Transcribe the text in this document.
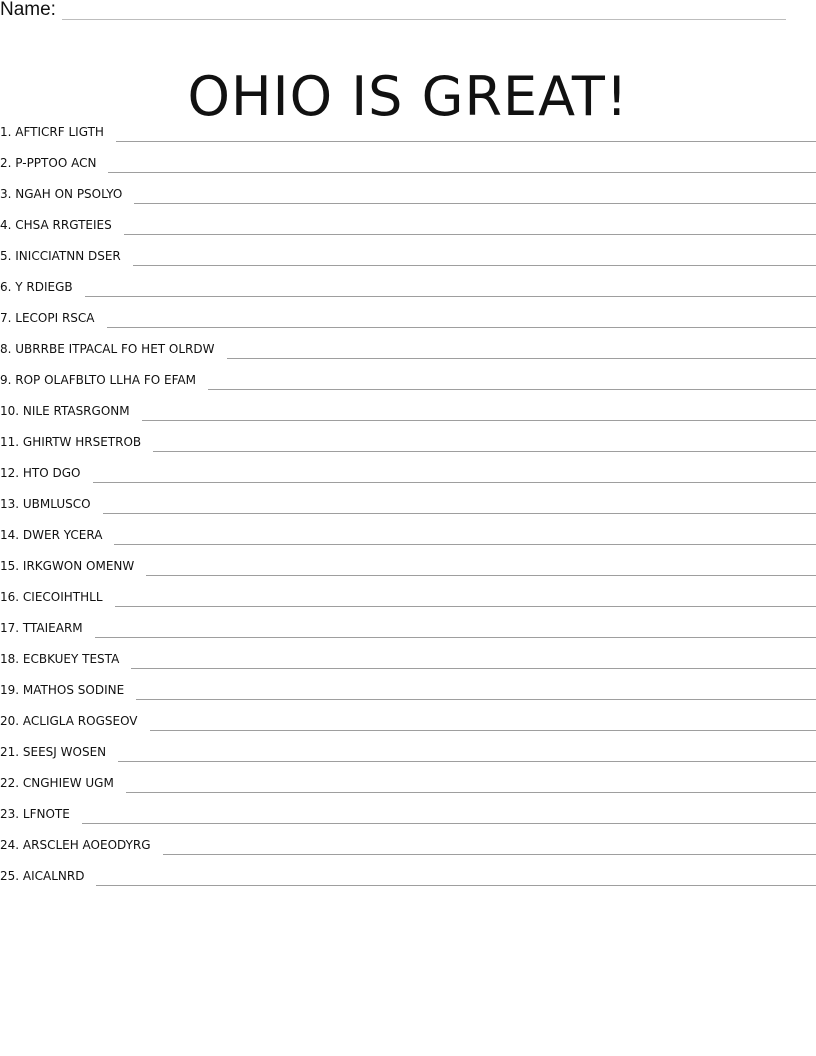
Name:
OHIO IS GREAT!
1. AFTICRF LIGTH
2. P-PPTOO ACN
3. NGAH ON PSOLYO
4. CHSA RRGTEIES
5. INICCIATNN DSER
6. Y RDIEGB
7. LECOPI RSCA
8. UBRRBE ITPACAL FO HET OLRDW
9. ROP OLAFBLTO LLHA FO EFAM
10. NILE RTASRGONM
11. GHIRTW HRSETROB
12. HTO DGO
13. UBMLUSCO
14. DWER YCERA
15. IRKGWON OMENW
16. CIECOIHTHLL
17. TTAIEARM
18. ECBKUEY TESTA
19. MATHOS SODINE
20. ACLIGLA ROGSEOV
21. SEESJ WOSEN
22. CNGHIEW UGM
23. LFNOTE
24. ARSCLEH AOEODYRG
25. AICALNRD
